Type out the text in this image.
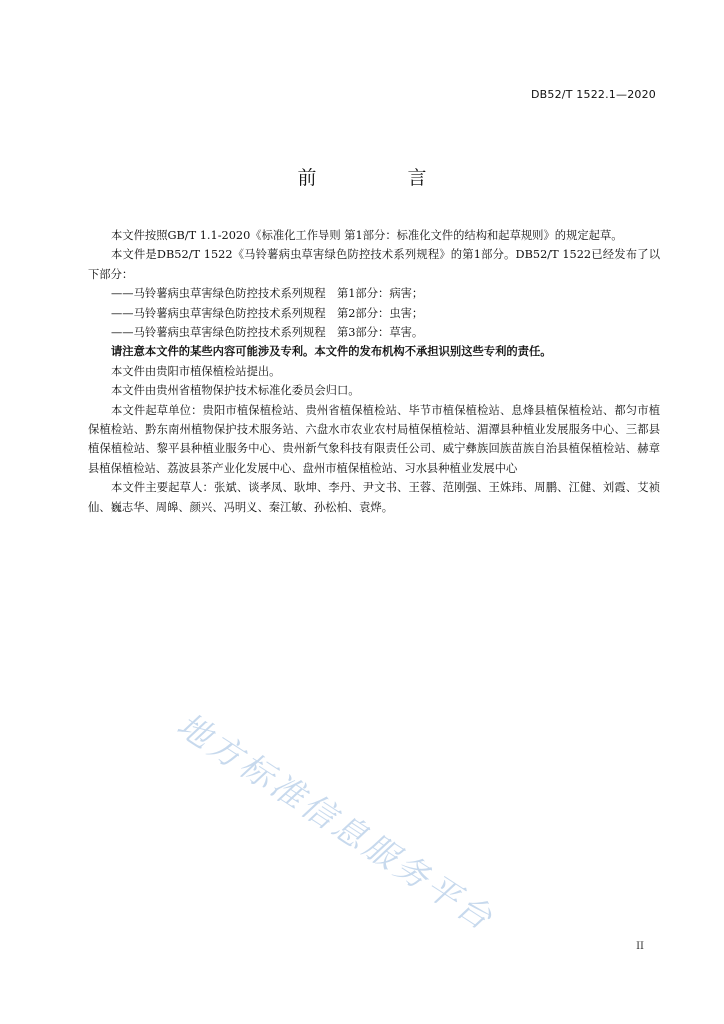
DB52/T 1522.1—2020
前　言

本文件按照GB/T 1.1-2020《标准化工作导则 第1部分：标准化文件的结构和起草规则》的规定起草。

本文件是DB52/T 1522《马铃薯病虫草害绿色防控技术系列规程》的第1部分。DB52/T 1522已经发布了以下部分：

——马铃薯病虫草害绿色防控技术系列规程　第1部分：病害；

——马铃薯病虫草害绿色防控技术系列规程　第2部分：虫害；

——马铃薯病虫草害绿色防控技术系列规程　第3部分：草害。

请注意本文件的某些内容可能涉及专利。本文件的发布机构不承担识别这些专利的责任。

本文件由贵阳市植保植检站提出。

本文件由贵州省植物保护技术标准化委员会归口。

本文件起草单位：贵阳市植保植检站、贵州省植保植检站、毕节市植保植检站、息烽县植保植检站、都匀市植保植检站、黔东南州植物保护技术服务站、六盘水市农业农村局植保植检站、湄潭县种植业发展服务中心、三都县植保植检站、黎平县种植业服务中心、贵州新气象科技有限责任公司、威宁彝族回族苗族自治县植保植检站、赫章县植保植检站、荔波县茶产业化发展中心、盘州市植保植检站、习水县种植业发展中心

本文件主要起草人：张斌、谈孝凤、耿坤、李丹、尹文书、王蓉、范刚强、王姝玮、周鹏、江健、刘霞、艾祯仙、巍志华、周皞、颜兴、冯明义、秦江敏、孙松柏、袁烨。

地方标准信息服务平台
II
